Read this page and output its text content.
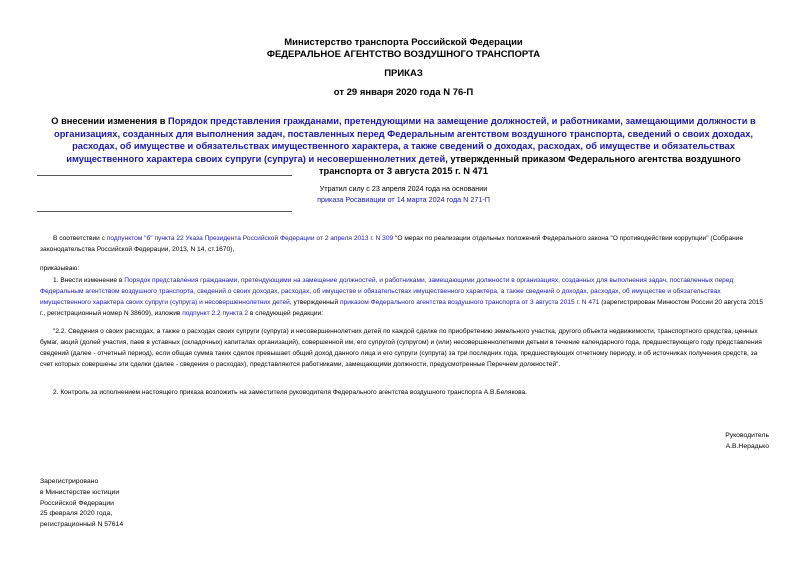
Министерство транспорта Российской Федерации
ФЕДЕРАЛЬНОЕ АГЕНТСТВО ВОЗДУШНОГО ТРАНСПОРТА
ПРИКАЗ
от 29 января 2020 года N 76-П
О внесении изменения в Порядок представления гражданами, претендующими на замещение должностей, и работниками, замещающими должности в организациях, созданных для выполнения задач, поставленных перед Федеральным агентством воздушного транспорта, сведений о своих доходах, расходах, об имуществе и обязательствах имущественного характера, а также сведений о доходах, расходах, об имуществе и обязательствах имущественного характера своих супруги (супруга) и несовершеннолетних детей, утвержденный приказом Федерального агентства воздушного транспорта от 3 августа 2015 г. N 471
Утратил силу с 23 апреля 2024 года на основании
приказа Росавиации от 14 марта 2024 года N 271-П
В соответствии с подпунктом "б" пункта 22 Указа Президента Российской Федерации от 2 апреля 2013 г. N 309 "О мерах по реализации отдельных положений Федерального закона "О противодействии коррупции" (Собрание законодательства Российской Федерации, 2013, N 14, ст.1670),
приказываю:
1. Внести изменение в Порядок представления гражданами, претендующими на замещение должностей, и работниками, замещающими должности в организациях, созданных для выполнения задач, поставленных перед Федеральным агентством воздушного транспорта, сведений о своих доходах, расходах, об имуществе и обязательствах имущественного характера, а также сведений о доходах, расходах, об имуществе и обязательствах имущественного характера своих супруги (супруга) и несовершеннолетних детей, утвержденный приказом Федерального агентства воздушного транспорта от 3 августа 2015 г. N 471 (зарегистрирован Минюстом России 20 августа 2015 г., регистрационный номер N 38609), изложив подпункт 2.2 пункта 2 в следующей редакции:
"2.2. Сведения о своих расходах, а также о расходах своих супруги (супруга) и несовершеннолетних детей по каждой сделке по приобретению земельного участка, другого объекта недвижимости, транспортного средства, ценных бумаг, акций (долей участия, паев в уставных (складочных) капиталах организаций), совершенной им, его супругой (супругом) и (или) несовершеннолетними детьми в течение календарного года, предшествующего году представления сведений (далее - отчетный период), если общая сумма таких сделок превышает общий доход данного лица и его супруги (супруга) за три последних года, предшествующих отчетному периоду, и об источниках получения средств, за счет которых совершены эти сделки (далее - сведения о расходах), представляются работниками, замещающими должности, предусмотренные Перечнем должностей".
2. Контроль за исполнением настоящего приказа возложить на заместителя руководителя Федерального агентства воздушного транспорта А.В.Белякова.
Руководитель
А.В.Нерадько
Зарегистрировано
в Министерстве юстиции
Российской Федерации
25 февраля 2020 года,
регистрационный N 57614
